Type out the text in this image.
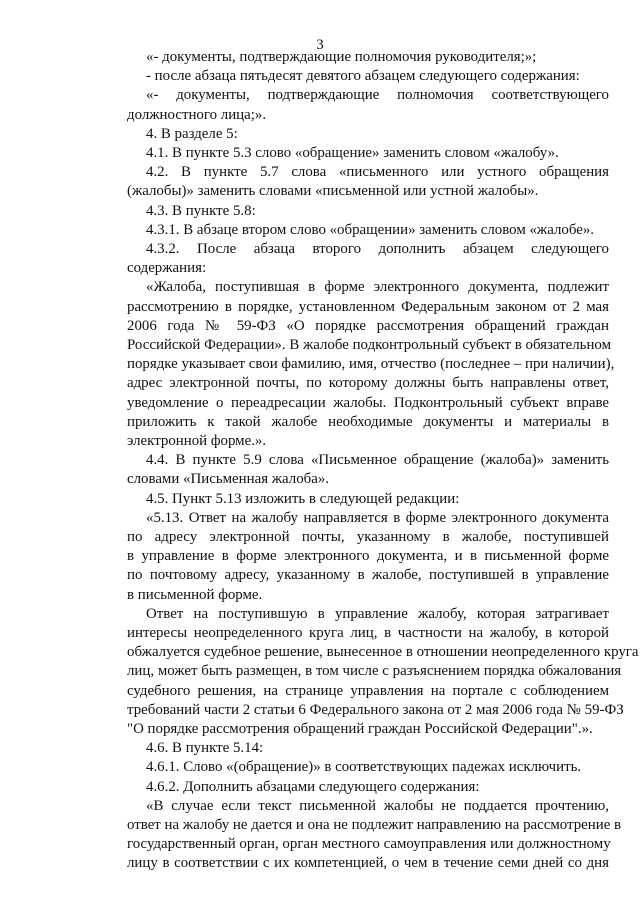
3
«- документы, подтверждающие полномочия руководителя;»;
- после абзаца пятьдесят девятого абзацем следующего содержания:
«- документы, подтверждающие полномочия соответствующего
должностного лица;».
4. В разделе 5:
4.1. В пункте 5.3 слово «обращение» заменить словом «жалобу».
4.2. В пункте 5.7 слова «письменного или устного обращения
(жалобы)» заменить словами «письменной или устной жалобы».
4.3. В пункте 5.8:
4.3.1. В абзаце втором слово «обращении» заменить словом «жалобе».
4.3.2. После абзаца второго дополнить абзацем следующего
содержания:
«Жалоба, поступившая в форме электронного документа, подлежит
рассмотрению в порядке, установленном Федеральным законом от 2 мая
2006 года № 59-ФЗ «О порядке рассмотрения обращений граждан
Российской Федерации». В жалобе подконтрольный субъект в обязательном
порядке указывает свои фамилию, имя, отчество (последнее – при наличии),
адрес электронной почты, по которому должны быть направлены ответ,
уведомление о переадресации жалобы. Подконтрольный субъект вправе
приложить к такой жалобе необходимые документы и материалы в
электронной форме.».
4.4. В пункте 5.9 слова «Письменное обращение (жалоба)» заменить
словами «Письменная жалоба».
4.5. Пункт 5.13 изложить в следующей редакции:
«5.13. Ответ на жалобу направляется в форме электронного документа
по адресу электронной почты, указанному в жалобе, поступившей
в управление в форме электронного документа, и в письменной форме
по почтовому адресу, указанному в жалобе, поступившей в управление
в письменной форме.
Ответ на поступившую в управление жалобу, которая затрагивает
интересы неопределенного круга лиц, в частности на жалобу, в которой
обжалуется судебное решение, вынесенное в отношении неопределенного круга
лиц, может быть размещен, в том числе с разъяснением порядка обжалования
судебного решения, на странице управления на портале с соблюдением
требований части 2 статьи 6 Федерального закона от 2 мая 2006 года № 59-ФЗ
"О порядке рассмотрения обращений граждан Российской Федерации".».
4.6. В пункте 5.14:
4.6.1. Слово «(обращение)» в соответствующих падежах исключить.
4.6.2. Дополнить абзацами следующего содержания:
«В случае если текст письменной жалобы не поддается прочтению,
ответ на жалобу не дается и она не подлежит направлению на рассмотрение в
государственный орган, орган местного самоуправления или должностному
лицу в соответствии с их компетенцией, о чем в течение семи дней со дня
